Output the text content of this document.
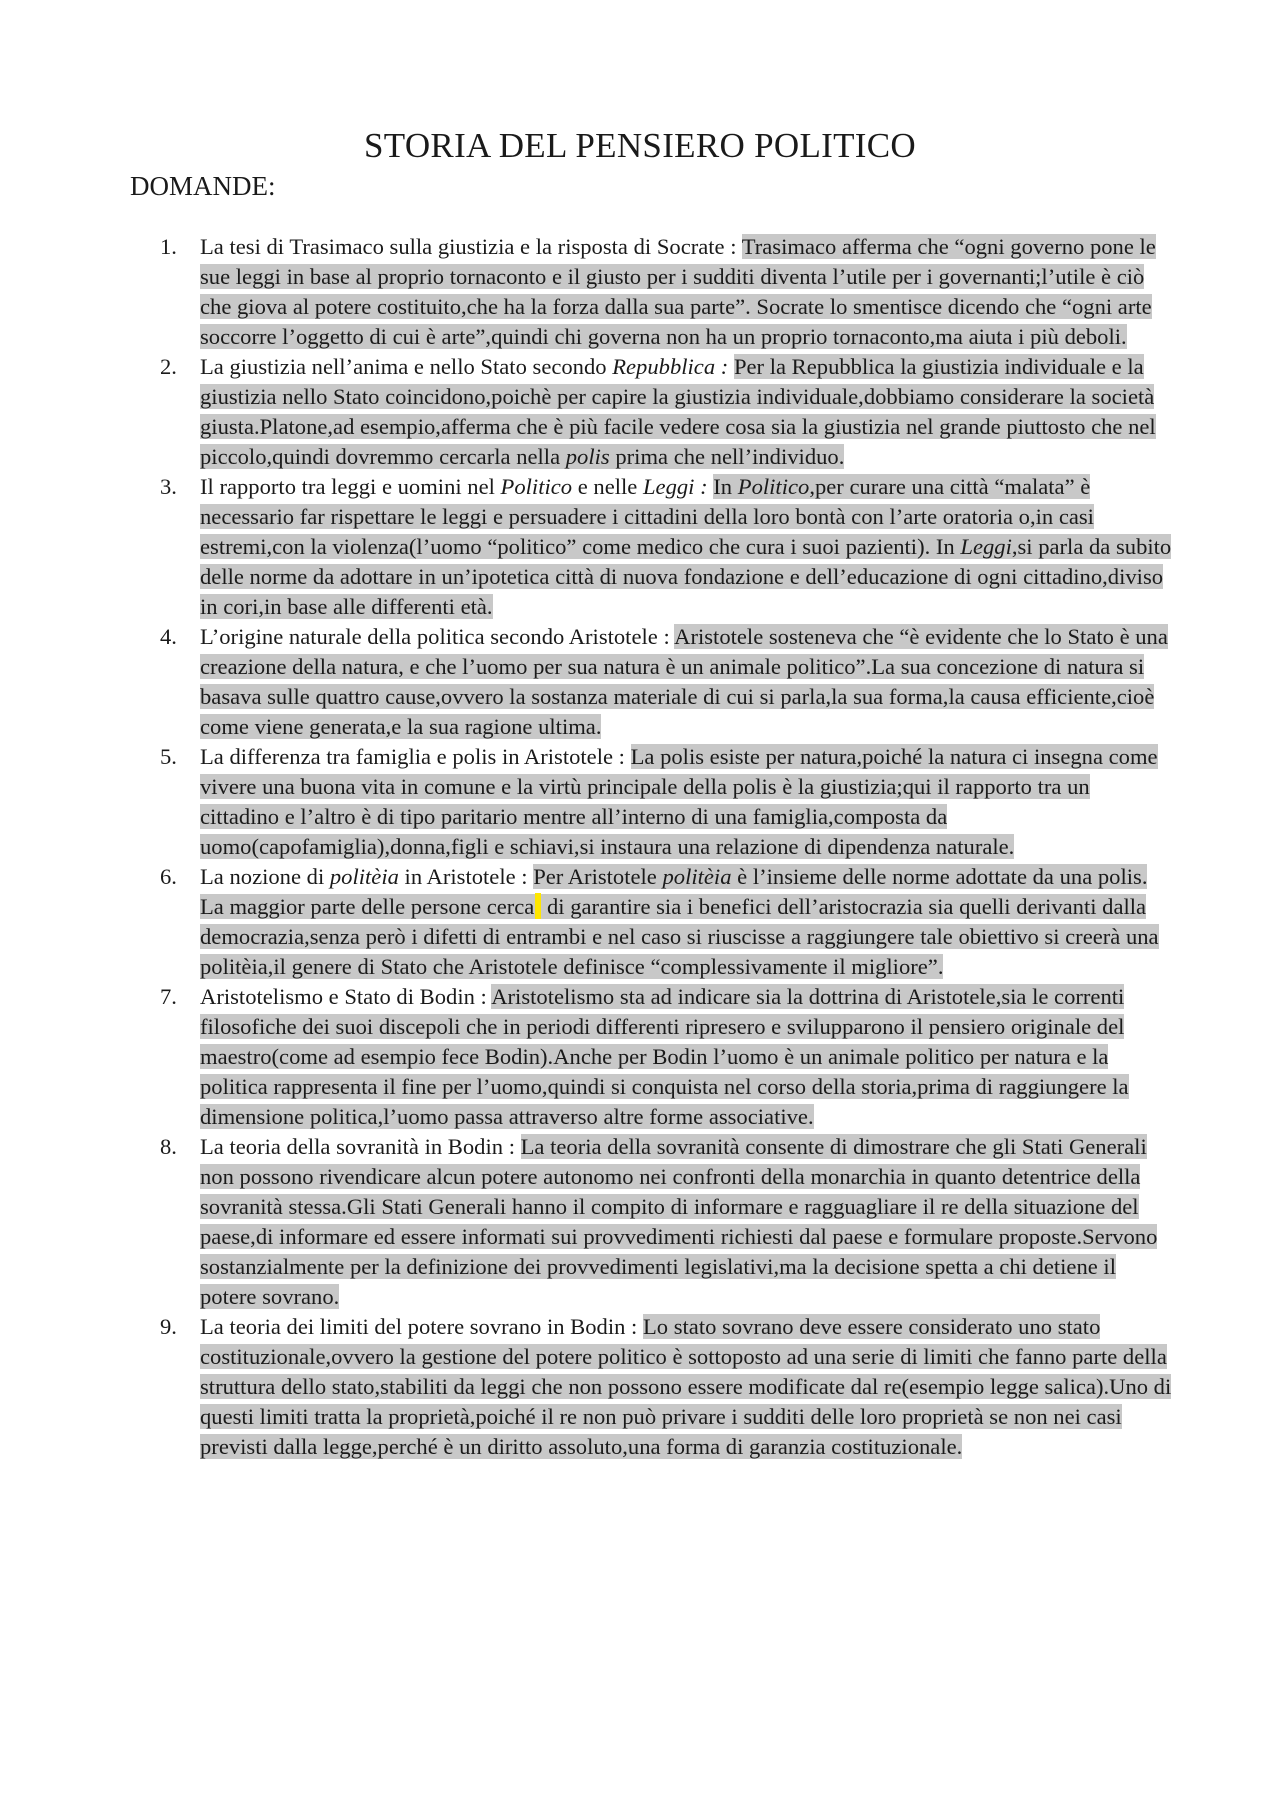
STORIA DEL PENSIERO POLITICO
DOMANDE:
1. La tesi di Trasimaco sulla giustizia e la risposta di Socrate : Trasimaco afferma che “ogni governo pone le sue leggi in base al proprio tornaconto e il giusto per i sudditi diventa l’utile per i governanti;l’utile è ciò che giova al potere costituito,che ha la forza dalla sua parte”. Socrate lo smentisce dicendo che “ogni arte soccorre l’oggetto di cui è arte”,quindi chi governa non ha un proprio tornaconto,ma aiuta i più deboli.
2. La giustizia nell’anima e nello Stato secondo Repubblica : Per la Repubblica la giustizia individuale e la giustizia nello Stato coincidono,poichè per capire la giustizia individuale,dobbiamo considerare la società giusta.Platone,ad esempio,afferma che è più facile vedere cosa sia la giustizia nel grande piuttosto che nel piccolo,quindi dovremmo cercarla nella polis prima che nell’individuo.
3. Il rapporto tra leggi e uomini nel Politico e nelle Leggi : In Politico,per curare una città “malata” è necessario far rispettare le leggi e persuadere i cittadini della loro bontà con l’arte oratoria o,in casi estremi,con la violenza(l’uomo “politico” come medico che cura i suoi pazienti). In Leggi,si parla da subito delle norme da adottare in un’ipotetica città di nuova fondazione e dell’educazione di ogni cittadino,diviso in cori,in base alle differenti età.
4. L’origine naturale della politica secondo Aristotele : Aristotele sosteneva che “è evidente che lo Stato è una creazione della natura, e che l’uomo per sua natura è un animale politico”.La sua concezione di natura si basava sulle quattro cause,ovvero la sostanza materiale di cui si parla,la sua forma,la causa efficiente,cioè come viene generata,e la sua ragione ultima.
5. La differenza tra famiglia e polis in Aristotele : La polis esiste per natura,poiché la natura ci insegna come vivere una buona vita in comune e la virtù principale della polis è la giustizia;qui il rapporto tra un cittadino e l’altro è di tipo paritario mentre all’interno di una famiglia,composta da uomo(capofamiglia),donna,figli e schiavi,si instaura una relazione di dipendenza naturale.
6. La nozione di politèia in Aristotele : Per Aristotele politèia è l’insieme delle norme adottate da una polis. La maggior parte delle persone cerca di garantire sia i benefici dell’aristocrazia sia quelli derivanti dalla democrazia,senza però i difetti di entrambi e nel caso si riuscisse a raggiungere tale obiettivo si creerà una politèia,il genere di Stato che Aristotele definisce “complessivamente il migliore”.
7. Aristotelismo e Stato di Bodin : Aristotelismo sta ad indicare sia la dottrina di Aristotele,sia le correnti filosofiche dei suoi discepoli che in periodi differenti ripresero e svilupparono il pensiero originale del maestro(come ad esempio fece Bodin).Anche per Bodin l’uomo è un animale politico per natura e la politica rappresenta il fine per l’uomo,quindi si conquista nel corso della storia,prima di raggiungere la dimensione politica,l’uomo passa attraverso altre forme associative.
8. La teoria della sovranità in Bodin : La teoria della sovranità consente di dimostrare che gli Stati Generali non possono rivendicare alcun potere autonomo nei confronti della monarchia in quanto detentrice della sovranità stessa.Gli Stati Generali hanno il compito di informare e ragguagliare il re della situazione del paese,di informare ed essere informati sui provvedimenti richiesti dal paese e formulare proposte.Servono sostanzialmente per la definizione dei provvedimenti legislativi,ma la decisione spetta a chi detiene il potere sovrano.
9. La teoria dei limiti del potere sovrano in Bodin : Lo stato sovrano deve essere considerato uno stato costituzionale,ovvero la gestione del potere politico è sottoposto ad una serie di limiti che fanno parte della struttura dello stato,stabiliti da leggi che non possono essere modificate dal re(esempio legge salica).Uno di questi limiti tratta la proprietà,poiché il re non può privare i sudditi delle loro proprietà se non nei casi previsti dalla legge,perché è un diritto assoluto,una forma di garanzia costituzionale.
